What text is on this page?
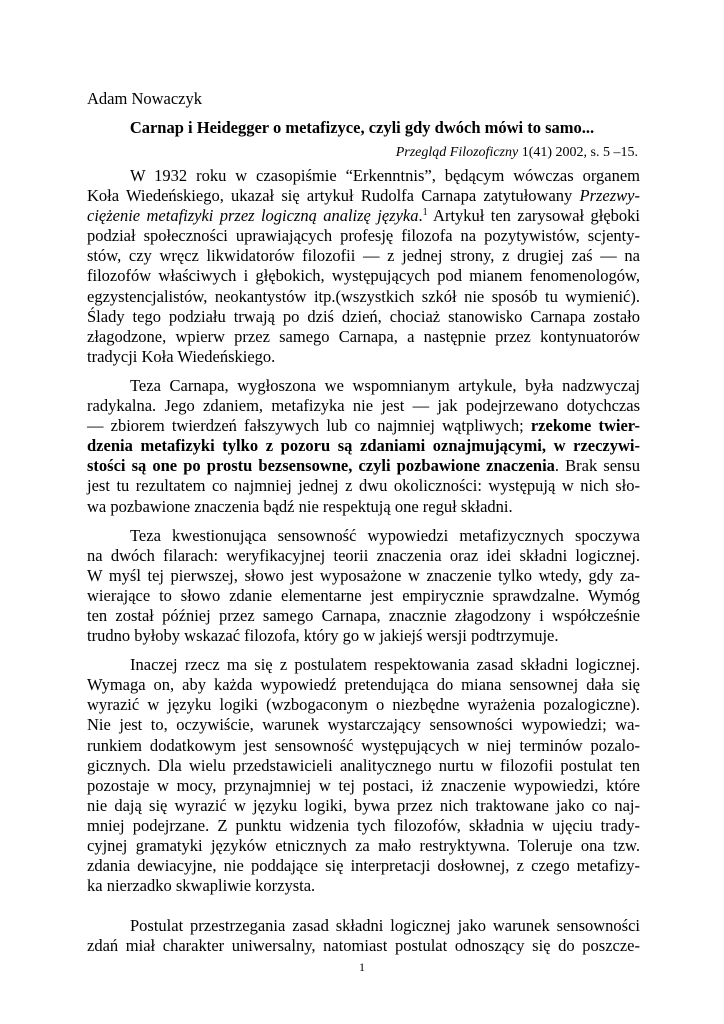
Adam Nowaczyk
Carnap i Heidegger o metafizyce, czyli gdy dwóch mówi to samo...
Przegląd Filozoficzny 1(41) 2002, s. 5 –15.
W 1932 roku w czasopiśmie “Erkenntnis”, będącym wówczas organem
Koła Wiedeńskiego, ukazał się artykuł Rudolfa Carnapa zatytułowany Przezwy-
ciężenie metafizyki przez logiczną analizę języka.$^1$ Artykuł ten zarysował głęboki
podział społeczności uprawiających profesję filozofa na pozytywistów, scjenty-
stów, czy wręcz likwidatorów filozofii — z jednej strony, z drugiej zaś — na
filozofów właściwych i głębokich, występujących pod mianem fenomenologów,
egzystencjalistów, neokantystów itp.(wszystkich szkół nie sposób tu wymienić).
Ślady tego podziału trwają po dziś dzień, chociaż stanowisko Carnapa zostało
złagodzone, wpierw przez samego Carnapa, a następnie przez kontynuatorów
tradycji Koła Wiedeńskiego.
Teza Carnapa, wygłoszona we wspomnianym artykule, była nadzwyczaj
radykalna. Jego zdaniem, metafizyka nie jest — jak podejrzewano dotychczas
— zbiorem twierdzeń fałszywych lub co najmniej wątpliwych; rzekome twier-
dzenia metafizyki tylko z pozoru są zdaniami oznajmującymi, w rzeczywi-
stości są one po prostu bezsensowne, czyli pozbawione znaczenia. Brak sensu
jest tu rezultatem co najmniej jednej z dwu okoliczności: występują w nich sło-
wa pozbawione znaczenia bądź nie respektują one reguł składni.
Teza kwestionująca sensowność wypowiedzi metafizycznych spoczywa
na dwóch filarach: weryfikacyjnej teorii znaczenia oraz idei składni logicznej.
W myśl tej pierwszej, słowo jest wyposażone w znaczenie tylko wtedy, gdy za-
wierające to słowo zdanie elementarne jest empirycznie sprawdzalne. Wymóg
ten został później przez samego Carnapa, znacznie złagodzony i współcześnie
trudno byłoby wskazać filozofa, który go w jakiejś wersji podtrzymuje.
Inaczej rzecz ma się z postulatem respektowania zasad składni logicznej.
Wymaga on, aby każda wypowiedź pretendująca do miana sensownej dała się
wyrazić w języku logiki (wzbogaconym o niezbędne wyrażenia pozalogiczne).
Nie jest to, oczywiście, warunek wystarczający sensowności wypowiedzi; wa-
runkiem dodatkowym jest sensowność występujących w niej terminów pozalo-
gicznych. Dla wielu przedstawicieli analitycznego nurtu w filozofii postulat ten
pozostaje w mocy, przynajmniej w tej postaci, iż znaczenie wypowiedzi, które
nie dają się wyrazić w języku logiki, bywa przez nich traktowane jako co naj-
mniej podejrzane. Z punktu widzenia tych filozofów, składnia w ujęciu trady-
cyjnej gramatyki języków etnicznych za mało restryktywna. Toleruje ona tzw.
zdania dewiacyjne, nie poddające się interpretacji dosłownej, z czego metafizy-
ka nierzadko skwapliwie korzysta.
Postulat przestrzegania zasad składni logicznej jako warunek sensowności
zdań miał charakter uniwersalny, natomiast postulat odnoszący się do poszcze-
1
